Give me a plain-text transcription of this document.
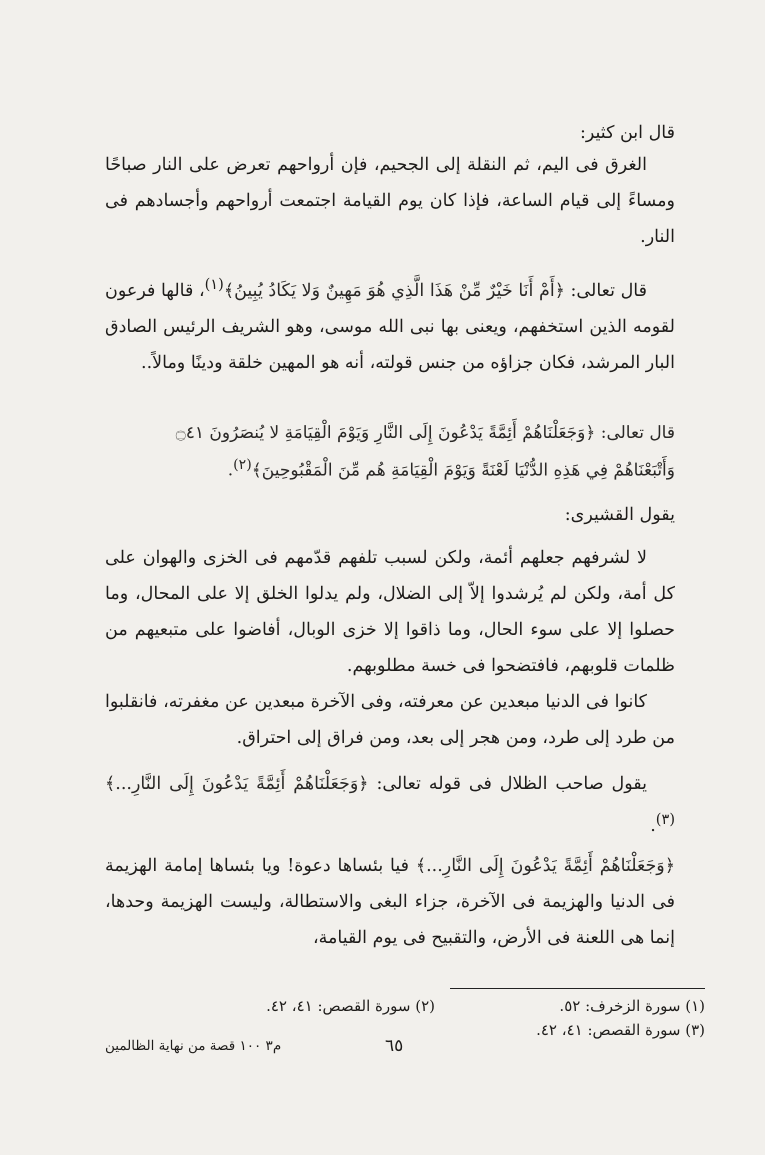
قال ابن كثير:

الغرق فى اليم، ثم النقلة إلى الجحيم، فإن أرواحهم تعرض على النار صباحًا ومساءً إلى قيام الساعة، فإذا كان يوم القيامة اجتمعت أرواحهم وأجسادهم فى النار.

قال تعالى: ﴿أَمْ أَنَا خَيْرٌ مِّنْ هَذَا الَّذِي هُوَ مَهِينٌ وَلا يَكَادُ يُبِينُ﴾$^{(١)}$، قالها فرعون لقومه الذين استخفهم، ويعنى بها نبى الله موسى، وهو الشريف الرئيس الصادق البار المرشد، فكان جزاؤه من جنس قولته، أنه هو المهين خلقة ودينًا ومالاً..

قال تعالى: ﴿وَجَعَلْنَاهُمْ أَئِمَّةً يَدْعُونَ إِلَى النَّارِ وَيَوْمَ الْقِيَامَةِ لا يُنصَرُونَ ۝٤١
وَأَتْبَعْنَاهُمْ فِي هَذِهِ الدُّنْيَا لَعْنَةً وَيَوْمَ الْقِيَامَةِ هُم مِّنَ الْمَقْبُوحِينَ﴾$^{(٢)}$.
يقول القشيرى:

لا لشرفهم جعلهم أئمة، ولكن لسبب تلفهم قدّمهم فى الخزى والهوان على كل أمة، ولكن لم يُرشدوا إلاّ إلى الضلال، ولم يدلوا الخلق إلا على المحال، وما حصلوا إلا على سوء الحال، وما ذاقوا إلا خزى الوبال، أفاضوا على متبعيهم من ظلمات قلوبهم، فافتضحوا فى خسة مطلوبهم.

كانوا فى الدنيا مبعدين عن معرفته، وفى الآخرة مبعدين عن مغفرته، فانقلبوا من طرد إلى طرد، ومن هجر إلى بعد، ومن فراق إلى احتراق.

يقول صاحب الظلال فى قوله تعالى: ﴿وَجَعَلْنَاهُمْ أَئِمَّةً يَدْعُونَ إِلَى النَّارِ...﴾$^{(٣)}$.

﴿وَجَعَلْنَاهُمْ أَئِمَّةً يَدْعُونَ إِلَى النَّارِ...﴾ فيا بئساها دعوة! ويا بئساها إمامة الهزيمة فى الدنيا والهزيمة فى الآخرة، جزاء البغى والاستطالة، وليست الهزيمة وحدها، إنما هى اللعنة فى الأرض، والتقبيح فى يوم القيامة،

(١) سورة الزخرف: ٥٢.
(٢) سورة القصص: ٤١، ٤٢.
(٣) سورة القصص: ٤١، ٤٢.
٦٥
م٣ ١٠٠ قصة من نهاية الظالمين
